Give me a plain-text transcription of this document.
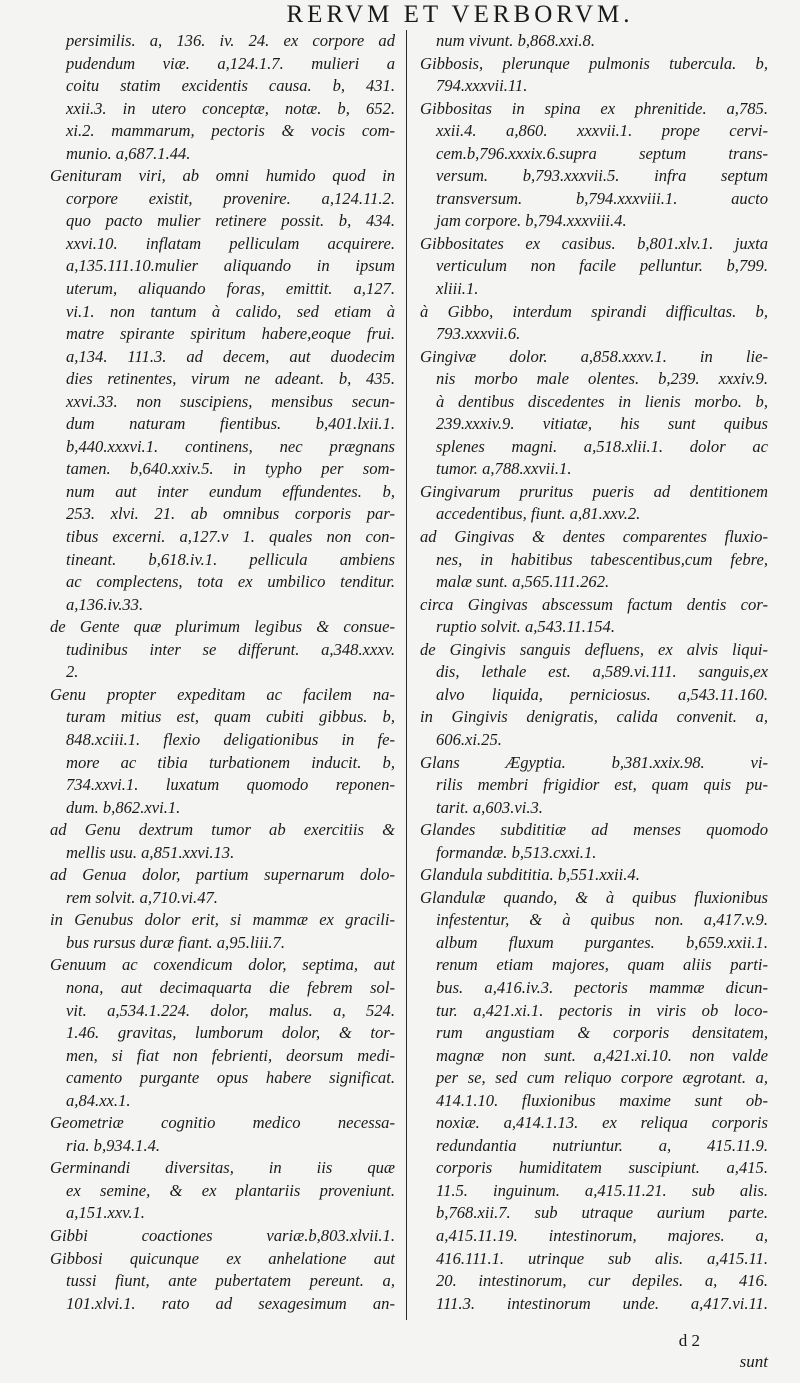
RERVM ET VERBORVM.
persimilis. a, 136. iv. 24. ex corpore ad
pudendum viæ. a,124.1.7. mulieri a
coitu statim excidentis causa. b, 431.
xxii.3. in utero conceptæ, notæ. b, 652.
xi.2. mammarum, pectoris & vocis com-
munio. a,687.1.44.
Genituram viri, ab omni humido quod in
corpore existit, provenire. a,124.11.2.
quo pacto mulier retinere possit. b, 434.
xxvi.10. inflatam pelliculam acquirere.
a,135.111.10.mulier aliquando in ipsum
uterum, aliquando foras, emittit. a,127.
vi.1. non tantum à calido, sed etiam à
matre spirante spiritum habere,eoque frui.
a,134. 111.3. ad decem, aut duodecim
dies retinentes, virum ne adeant. b, 435.
xxvi.33. non suscipiens, mensibus secun-
dum naturam fientibus. b,401.lxii.1.
b,440.xxxvi.1. continens, nec prægnans
tamen. b,640.xxiv.5. in typho per som-
num aut inter eundum effundentes. b,
253. xlvi. 21. ab omnibus corporis par-
tibus excerni. a,127.v 1. quales non con-
tineant. b,618.iv.1. pellicula ambiens
ac complectens, tota ex umbilico tenditur.
a,136.iv.33.
de Gente quæ plurimum legibus & consue-
tudinibus inter se differunt. a,348.xxxv.
2.
Genu propter expeditam ac facilem na-
turam mitius est, quam cubiti gibbus. b,
848.xciii.1. flexio deligationibus in fe-
more ac tibia turbationem inducit. b,
734.xxvi.1. luxatum quomodo reponen-
dum. b,862.xvi.1.
ad Genu dextrum tumor ab exercitiis &
mellis usu. a,851.xxvi.13.
ad Genua dolor, partium supernarum dolo-
rem solvit. a,710.vi.47.
in Genubus dolor erit, si mammæ ex gracili-
bus rursus duræ fiant. a,95.liii.7.
Genuum ac coxendicum dolor, septima, aut
nona, aut decimaquarta die febrem sol-
vit. a,534.1.224. dolor, malus. a, 524.
1.46. gravitas, lumborum dolor, & tor-
men, si fiat non febrienti, deorsum medi-
camento purgante opus habere significat.
a,84.xx.1.
Geometriæ cognitio medico necessa-
ria. b,934.1.4.
Germinandi diversitas, in iis quæ
ex semine, & ex plantariis proveniunt.
a,151.xxv.1.
Gibbi coactiones variæ.b,803.xlvii.1.
Gibbosi quicunque ex anhelatione aut
tussi fiunt, ante pubertatem pereunt. a,
101.xlvi.1. rato ad sexagesimum an-
num vivunt. b,868.xxi.8.
Gibbosis, plerunque pulmonis tubercula. b,
794.xxxvii.11.
Gibbositas in spina ex phrenitide. a,785.
xxii.4. a,860. xxxvii.1. prope cervi-
cem.b,796.xxxix.6.supra septum trans-
versum. b,793.xxxvii.5. infra septum
transversum. b,794.xxxviii.1. aucto
jam corpore. b,794.xxxviii.4.
Gibbositates ex casibus. b,801.xlv.1. juxta
verticulum non facile pelluntur. b,799.
xliii.1.
à Gibbo, interdum spirandi difficultas. b,
793.xxxvii.6.
Gingivæ dolor. a,858.xxxv.1. in lie-
nis morbo male olentes. b,239. xxxiv.9.
à dentibus discedentes in lienis morbo. b,
239.xxxiv.9. vitiatæ, his sunt quibus
splenes magni. a,518.xlii.1. dolor ac
tumor. a,788.xxvii.1.
Gingivarum pruritus pueris ad dentitionem
accedentibus, fiunt. a,81.xxv.2.
ad Gingivas & dentes comparentes fluxio-
nes, in habitibus tabescentibus,cum febre,
malæ sunt. a,565.111.262.
circa Gingivas abscessum factum dentis cor-
ruptio solvit. a,543.11.154.
de Gingivis sanguis defluens, ex alvis liqui-
dis, lethale est. a,589.vi.111. sanguis,ex
alvo liquida, perniciosus. a,543.11.160.
in Gingivis denigratis, calida convenit. a,
606.xi.25.
Glans Ægyptia. b,381.xxix.98. vi-
rilis membri frigidior est, quam quis pu-
tarit. a,603.vi.3.
Glandes subdititiæ ad menses quomodo
formandæ. b,513.cxxi.1.
Glandula subdititia. b,551.xxii.4.
Glandulæ quando, & à quibus fluxionibus
infestentur, & à quibus non. a,417.v.9.
album fluxum purgantes. b,659.xxii.1.
renum etiam majores, quam aliis parti-
bus. a,416.iv.3. pectoris mammæ dicun-
tur. a,421.xi.1. pectoris in viris ob loco-
rum angustiam & corporis densitatem,
magnæ non sunt. a,421.xi.10. non valde
per se, sed cum reliquo corpore ægrotant. a,
414.1.10. fluxionibus maxime sunt ob-
noxiæ. a,414.1.13. ex reliqua corporis
redundantia nutriuntur. a, 415.11.9.
corporis humiditatem suscipiunt. a,415.
11.5. inguinum. a,415.11.21. sub alis.
b,768.xii.7. sub utraque aurium parte.
a,415.11.19. intestinorum, majores. a,
416.111.1. utrinque sub alis. a,415.11.
20. intestinorum, cur depiles. a, 416.
111.3. intestinorum unde. a,417.vi.11.
d 2
sunt
